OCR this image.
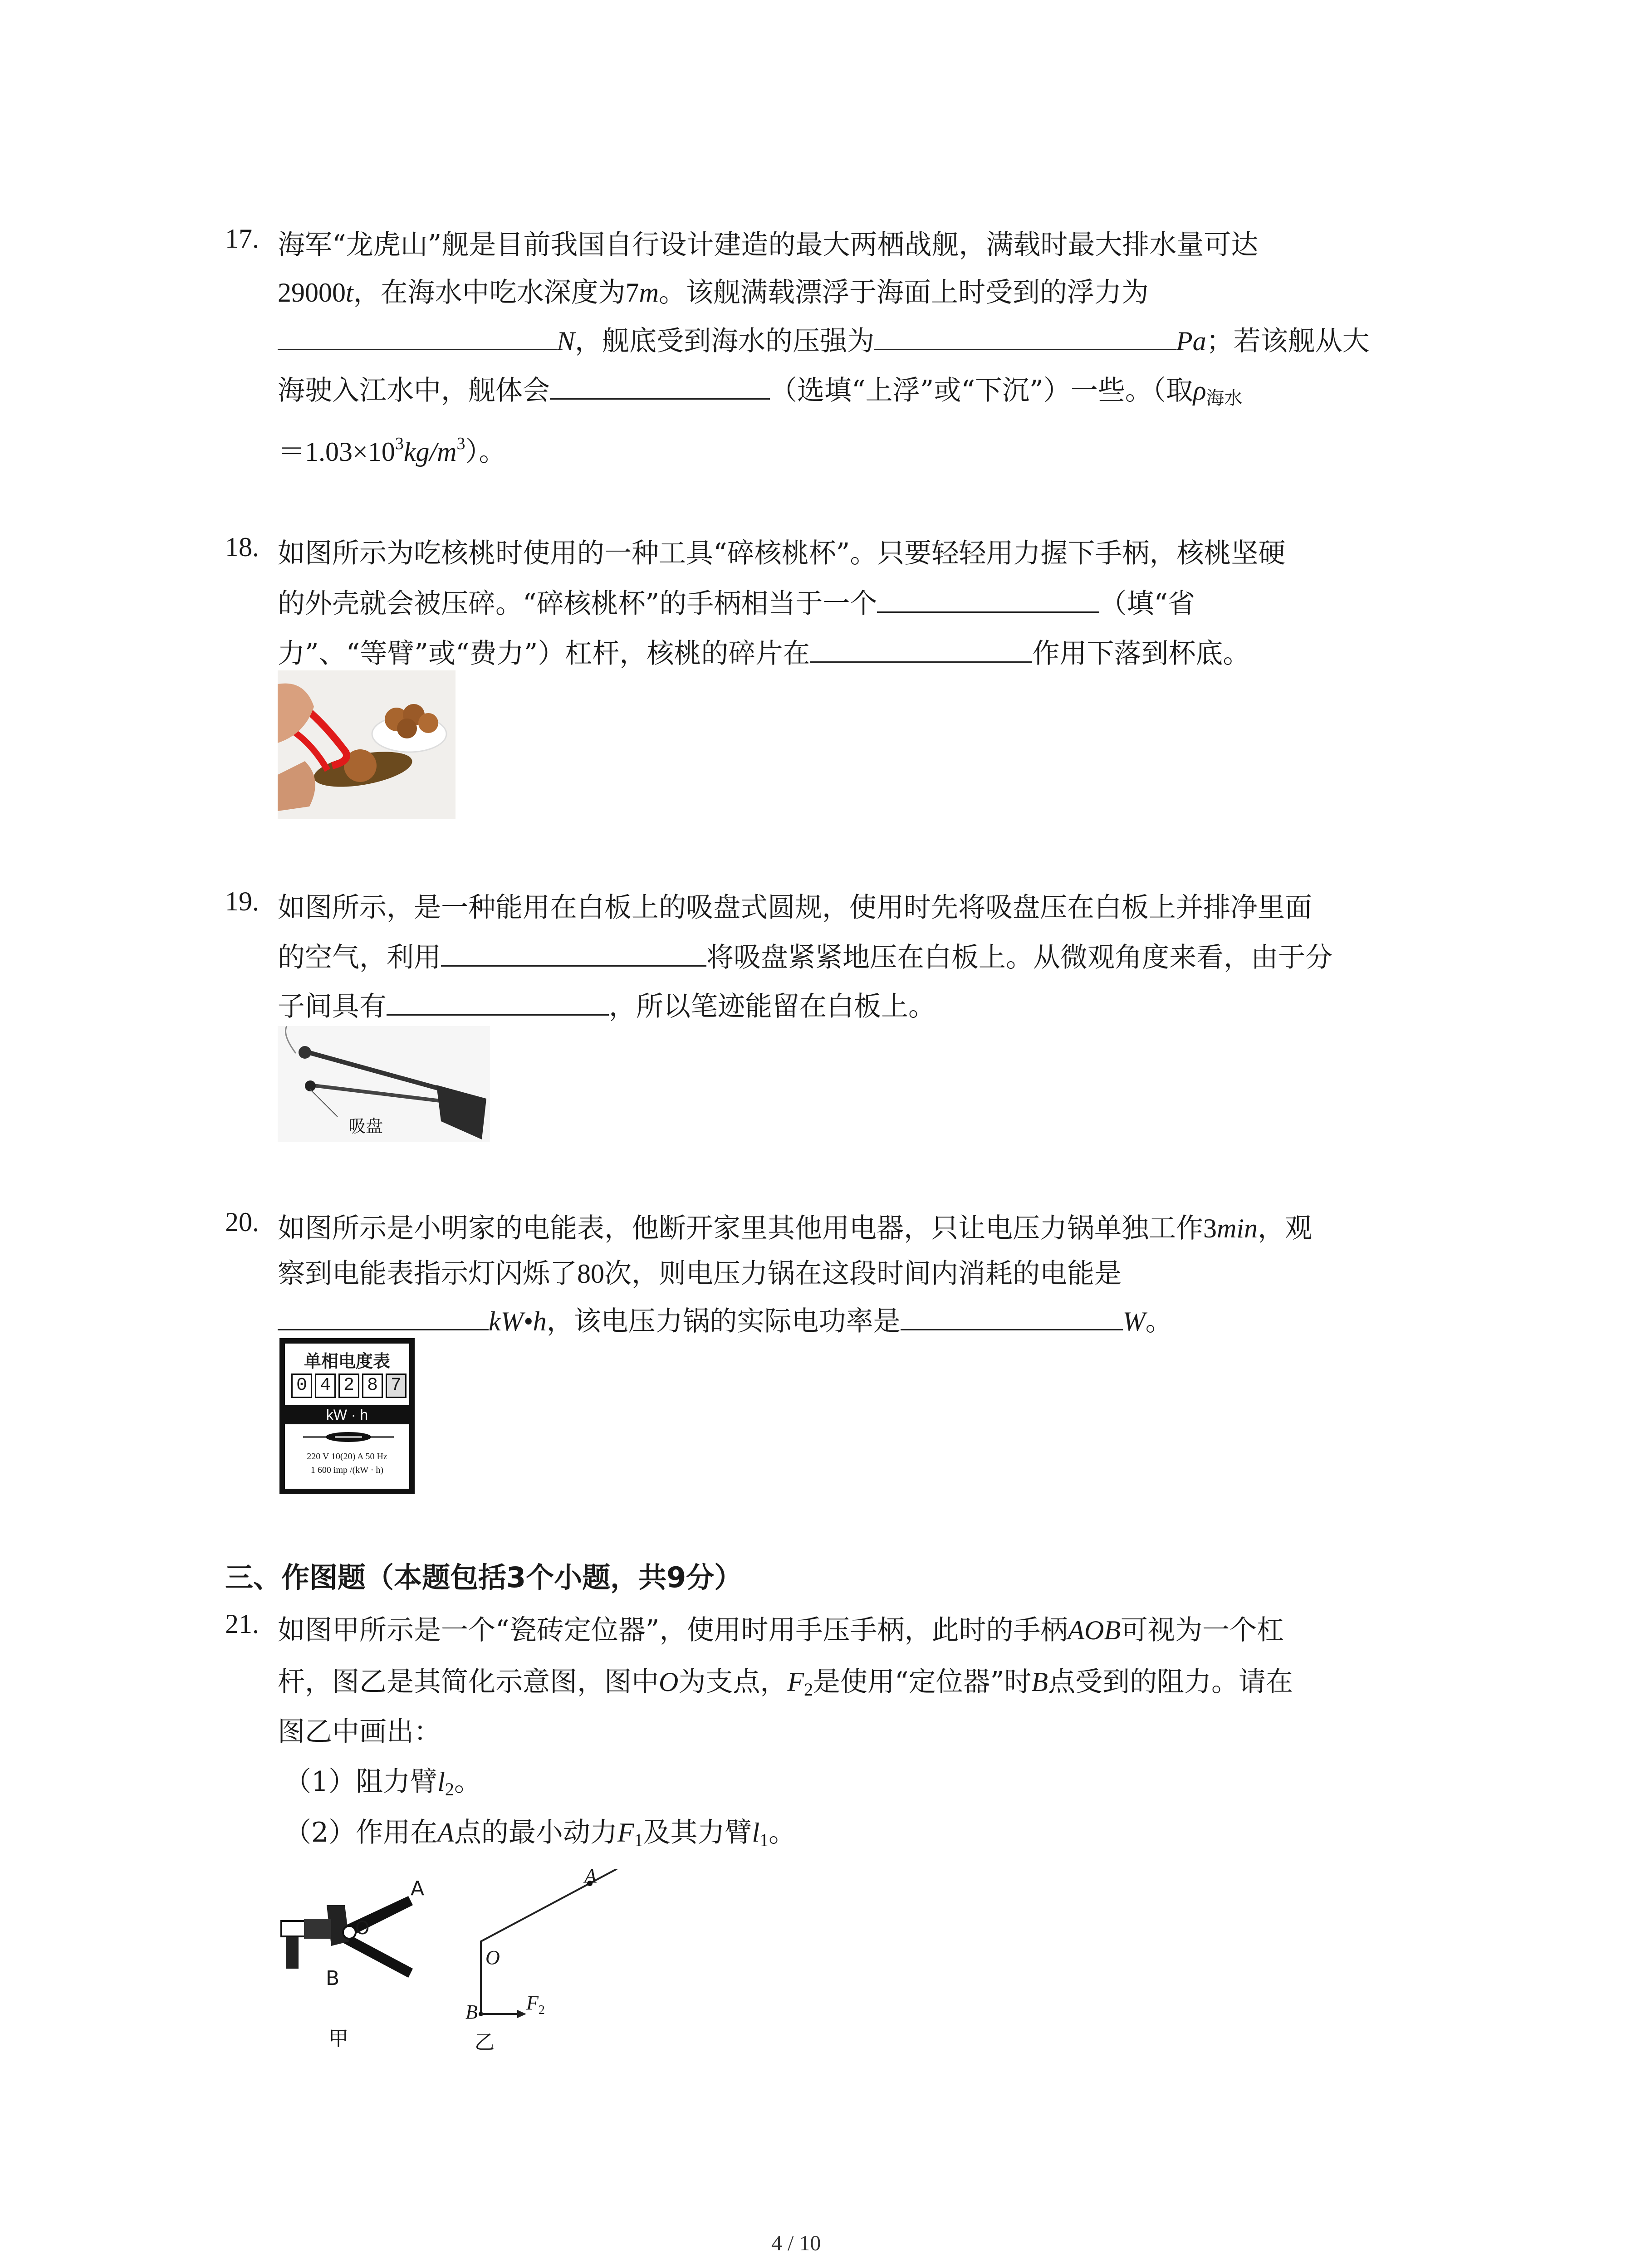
17. 海军“龙虎山”舰是目前我国自行设计建造的最大两栖战舰，满载时最大排水量可达
29000t，在海水中吃水深度为7m。该舰满载漂浮于海面上时受到的浮力为
N，舰底受到海水的压强为	Pa；若该舰从大
海驶入江水中，舰体会	（选填“上浮”或“下沉”）一些。（取$\rho_{海水}$
$=1.03\times 10^3kg/m^3$）。
18. 如图所示为吃核桃时使用的一种工具“碎核桃杯”。只要轻轻用力握下手柄，核桃坚硬
的外壳就会被压碎。“碎核桃杯”的手柄相当于一个	（填“省
力”、“等臂”或“费力”）杠杆，核桃的碎片在	作用下落到杯底。
19. 如图所示，是一种能用在白板上的吸盘式圆规，使用时先将吸盘压在白板上并排净里面
的空气，利用	将吸盘紧紧地压在白板上。从微观角度来看，由于分
子间具有	，所以笔迹能留在白板上。
吸盘
20. 如图所示是小明家的电能表，他断开家里其他用电器，只让电压力锅单独工作3min，观
察到电能表指示灯闪烁了80次，则电压力锅在这段时间内消耗的电能是
kW•h，该电压力锅的实际电功率是	W。
单相电度表
0 4 2 8 7
kW · h
220 V 10(20) A 50 Hz
1 600 imp /(kW · h)
三、作图题（本题包括3个小题，共9分）
21. 如图甲所示是一个“瓷砖定位器”，使用时用手压手柄，此时的手柄AOB可视为一个杠
杆，图乙是其简化示意图，图中O为支点，$F_2$是使用“定位器”时B点受到的阻力。请在
图乙中画出：
（1）阻力臂$l_2$。
（2）作用在A点的最小动力$F_1$及其力臂$l_1$。
A
O
B
甲
A
O
B $F_2$
乙
4 / 10
